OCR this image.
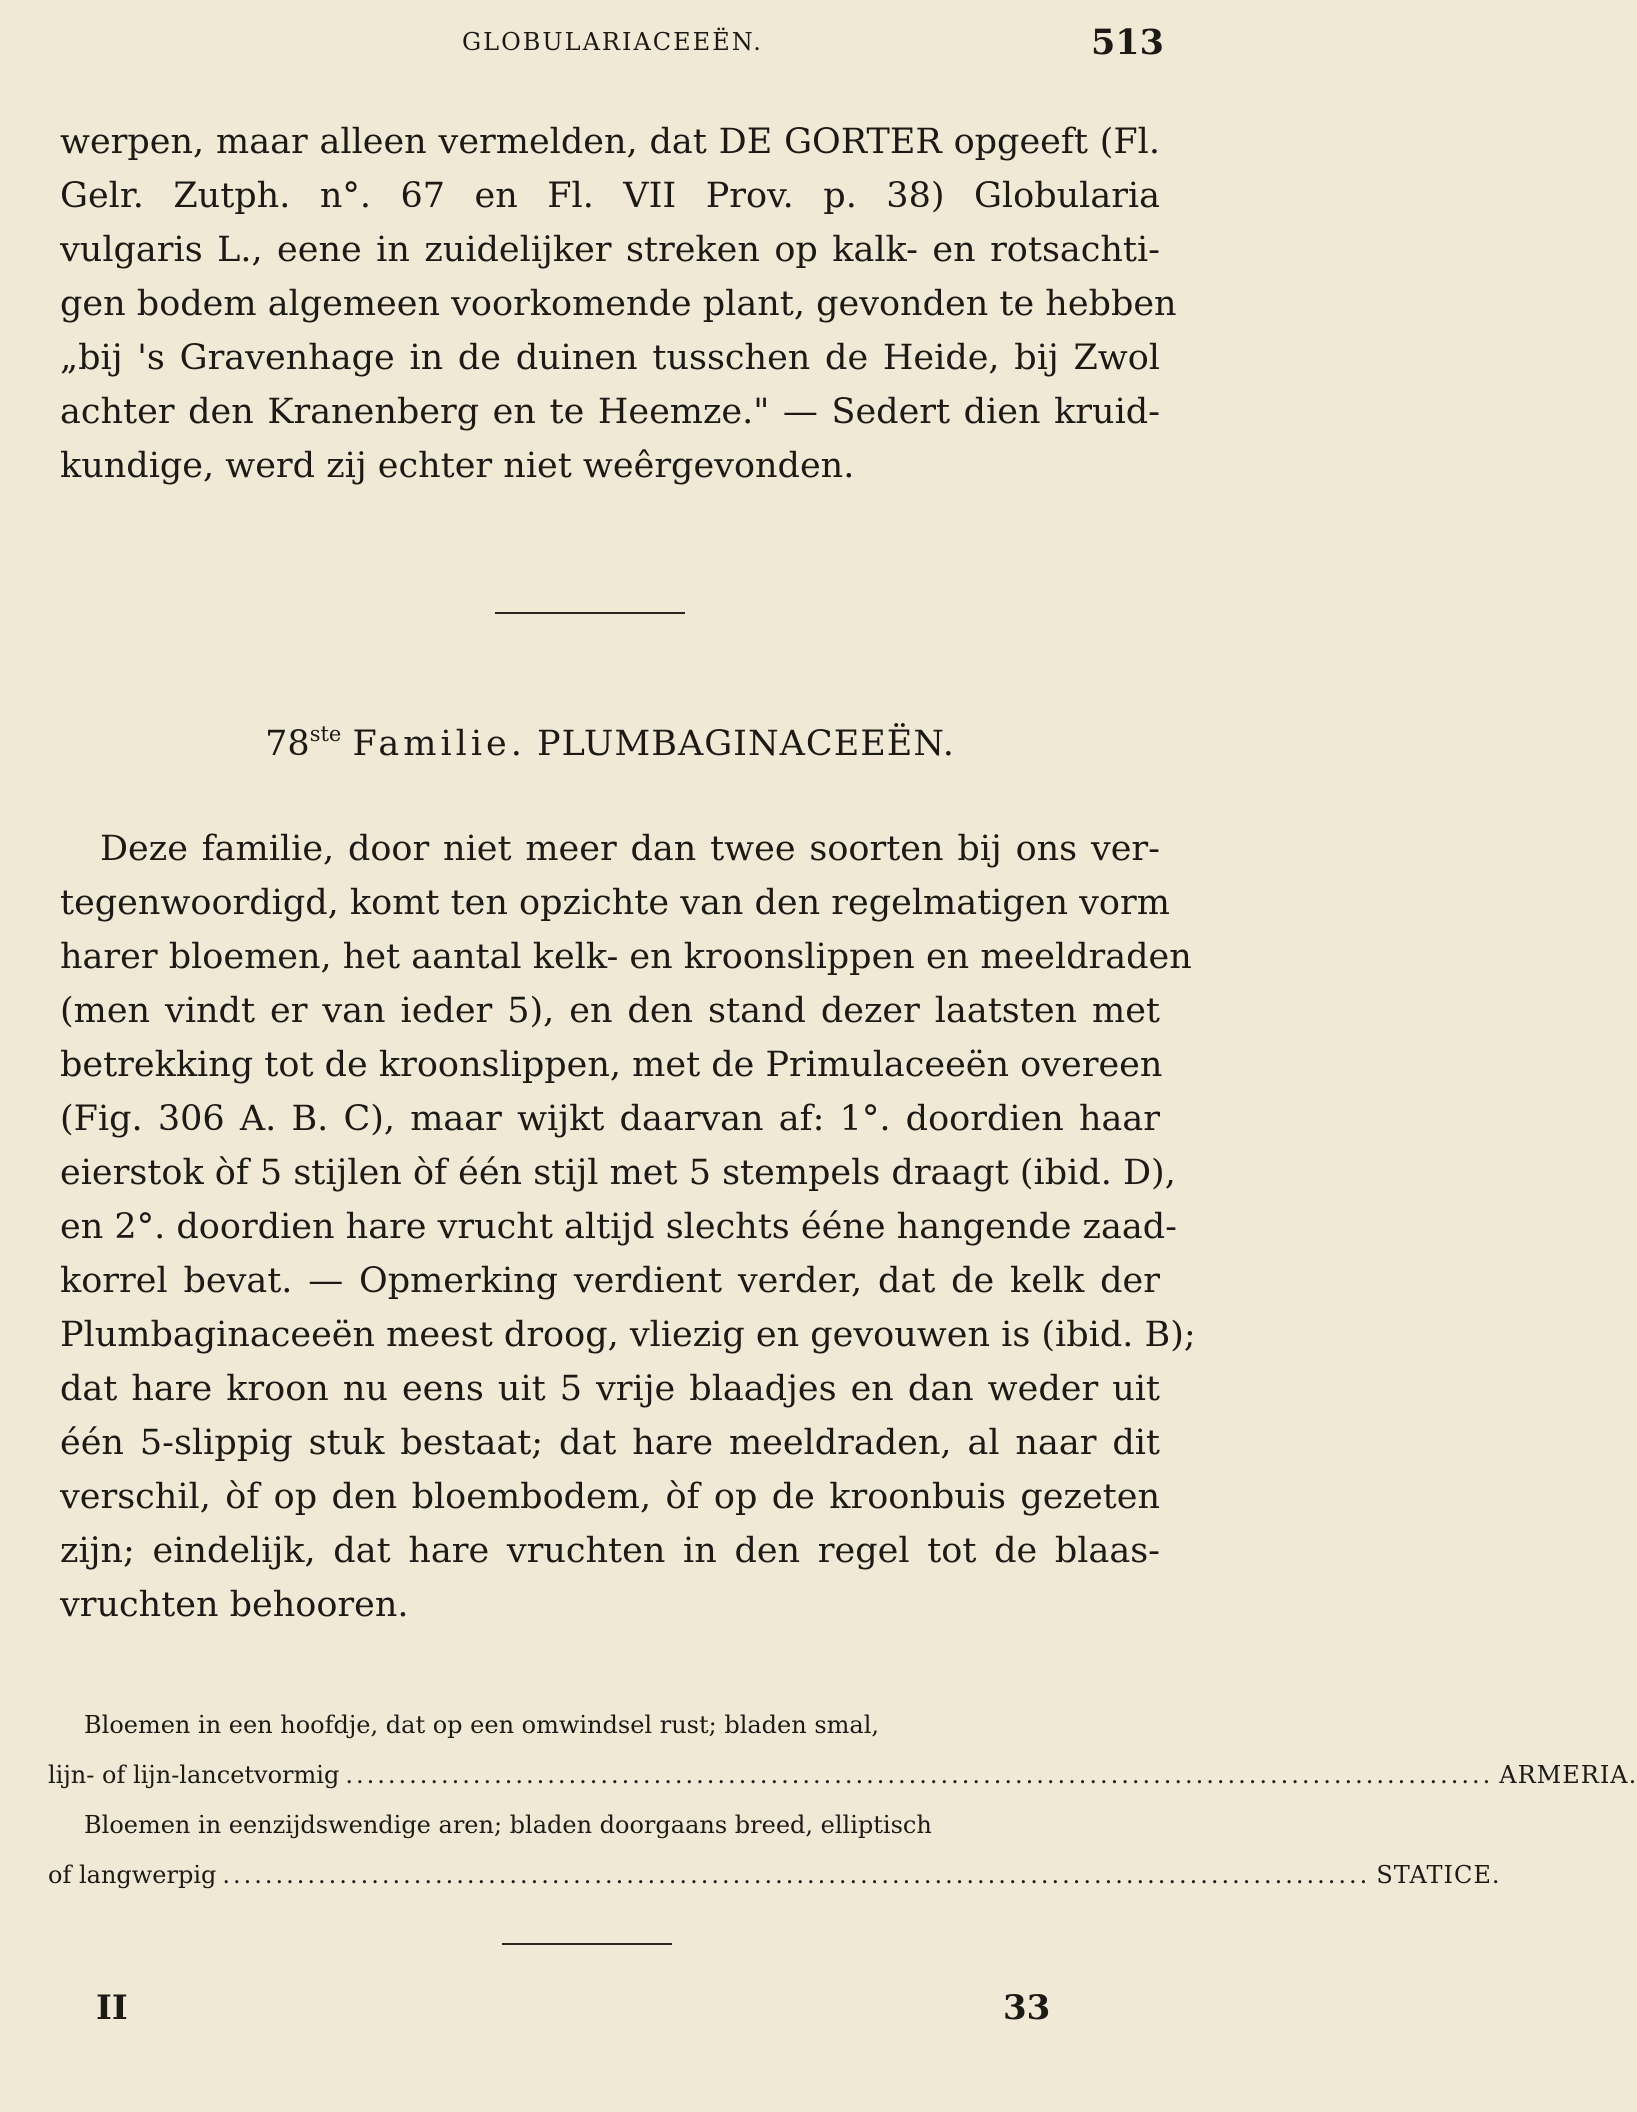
GLOBULARIACEEËN.	513
werpen, maar alleen vermelden, dat DE GORTER opgeeft (Fl.
Gelr. Zutph. n°. 67 en Fl. VII Prov. p. 38) Globularia
vulgaris L., eene in zuidelijker streken op kalk- en rotsachti-
gen bodem algemeen voorkomende plant, gevonden te hebben
„bij 's Gravenhage in de duinen tusschen de Heide, bij Zwol
achter den Kranenberg en te Heemze." — Sedert dien kruid-
kundige, werd zij echter niet weêrgevonden.
78ste Familie. PLUMBAGINACEEËN.
Deze familie, door niet meer dan twee soorten bij ons ver-
tegenwoordigd, komt ten opzichte van den regelmatigen vorm
harer bloemen, het aantal kelk- en kroonslippen en meeldraden
(men vindt er van ieder 5), en den stand dezer laatsten met
betrekking tot de kroonslippen, met de Primulaceeën overeen
(Fig. 306 A. B. C), maar wijkt daarvan af: 1°. doordien haar
eierstok òf 5 stijlen òf één stijl met 5 stempels draagt (ibid. D),
en 2°. doordien hare vrucht altijd slechts ééne hangende zaad-
korrel bevat. — Opmerking verdient verder, dat de kelk der
Plumbaginaceeën meest droog, vliezig en gevouwen is (ibid. B);
dat hare kroon nu eens uit 5 vrije blaadjes en dan weder uit
één 5-slippig stuk bestaat; dat hare meeldraden, al naar dit
verschil, òf op den bloembodem, òf op de kroonbuis gezeten
zijn; eindelijk, dat hare vruchten in den regel tot de blaas-
vruchten behooren.
Bloemen in een hoofdje, dat op een omwindsel rust; bladen smal,
lijn- of lijn-lancetvormig ............................................................................................................ ARMERIA.
Bloemen in eenzijdswendige aren; bladen doorgaans breed, elliptisch
of langwerpig ............................................................................................................ STATICE.
II	33
